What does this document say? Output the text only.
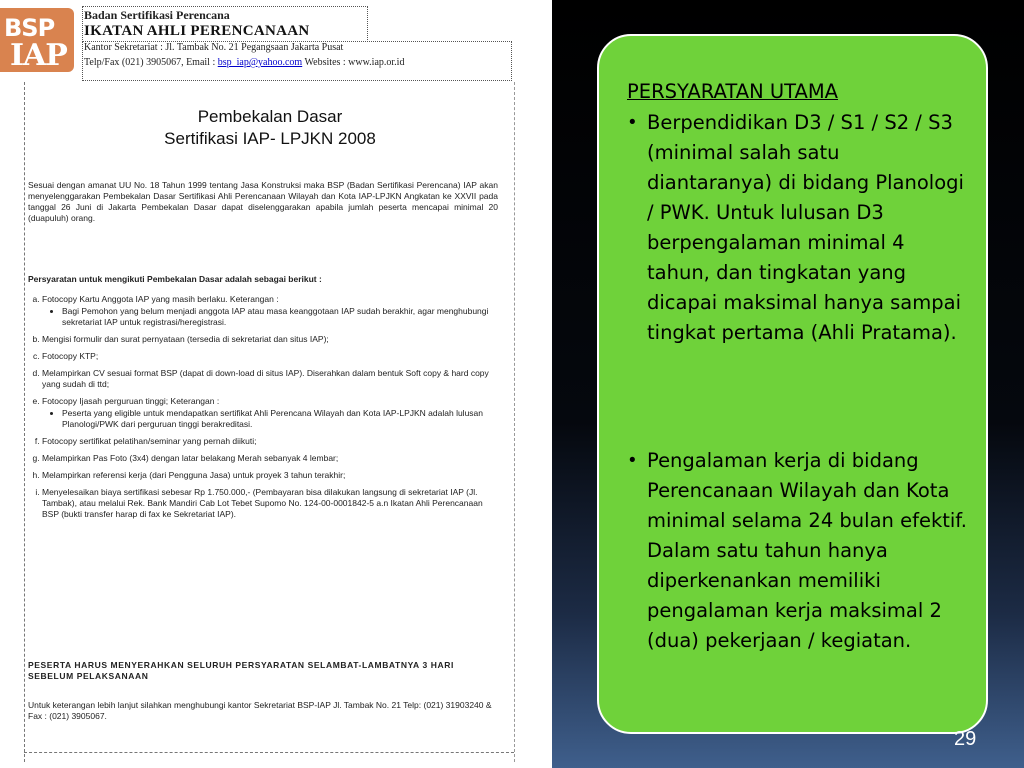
BSP
IAP
Badan Sertifikasi Perencana
IKATAN AHLI PERENCANAAN
Kantor Sekretariat : Jl. Tambak No. 21 Pegangsaan Jakarta Pusat
Telp/Fax (021) 3905067, Email : bsp_iap@yahoo.com Websites : www.iap.or.id
Pembekalan Dasar
Sertifikasi IAP- LPJKN 2008
Sesuai dengan amanat UU No. 18 Tahun 1999 tentang Jasa Konstruksi maka BSP (Badan Sertifikasi Perencana) IAP akan menyelenggarakan Pembekalan Dasar Sertifikasi Ahli Perencanaan Wilayah dan Kota IAP-LPJKN Angkatan ke XXVII pada tanggal 26 Juni di Jakarta Pembekalan Dasar dapat diselenggarakan apabila jumlah peserta mencapai minimal 20 (duapuluh) orang.
Persyaratan untuk mengikuti Pembekalan Dasar adalah sebagai berikut :
a. Fotocopy Kartu Anggota IAP yang masih berlaku. Keterangan :
• Bagi Pemohon yang belum menjadi anggota IAP atau masa keanggotaan IAP sudah berakhir, agar menghubungi sekretariat IAP untuk registrasi/heregistrasi.
b. Mengisi formulir dan surat pernyataan (tersedia di sekretariat dan situs IAP);
c. Fotocopy KTP;
d. Melampirkan CV sesuai format BSP (dapat di down-load di situs IAP). Diserahkan dalam bentuk Soft copy & hard copy yang sudah di ttd;
e. Fotocopy Ijasah perguruan tinggi; Keterangan :
• Peserta yang eligible untuk mendapatkan sertifikat Ahli Perencana Wilayah dan Kota IAP-LPJKN adalah lulusan Planologi/PWK dari perguruan tinggi berakreditasi.
f. Fotocopy sertifikat pelatihan/seminar yang pernah diikuti;
g. Melampirkan Pas Foto (3x4) dengan latar belakang Merah sebanyak 4 lembar;
h. Melampirkan referensi kerja (dari Pengguna Jasa) untuk proyek 3 tahun terakhir;
i. Menyelesaikan biaya sertifikasi sebesar Rp 1.750.000,- (Pembayaran bisa dilakukan langsung di sekretariat IAP (Jl. Tambak), atau melalui Rek. Bank Mandiri Cab Lot Tebet Supomo No. 124-00-0001842-5 a.n Ikatan Ahli Perencanaan BSP (bukti transfer harap di fax ke Sekretariat IAP).
PESERTA HARUS MENYERAHKAN SELURUH PERSYARATAN SELAMBAT-LAMBATNYA 3 HARI SEBELUM PELAKSANAAN
Untuk keterangan lebih lanjut silahkan menghubungi kantor Sekretariat BSP-IAP Jl. Tambak No. 21 Telp: (021) 31903240 & Fax : (021) 3905067.
PERSYARATAN UTAMA
• Berpendidikan D3 / S1 / S2 / S3 (minimal salah satu diantaranya) di bidang Planologi / PWK. Untuk lulusan D3 berpengalaman minimal 4 tahun, dan tingkatan yang dicapai maksimal hanya sampai tingkat pertama (Ahli Pratama).
• Pengalaman kerja di bidang Perencanaan Wilayah dan Kota minimal selama 24 bulan efektif. Dalam satu tahun hanya diperkenankan memiliki pengalaman kerja maksimal 2 (dua) pekerjaan / kegiatan.
29
